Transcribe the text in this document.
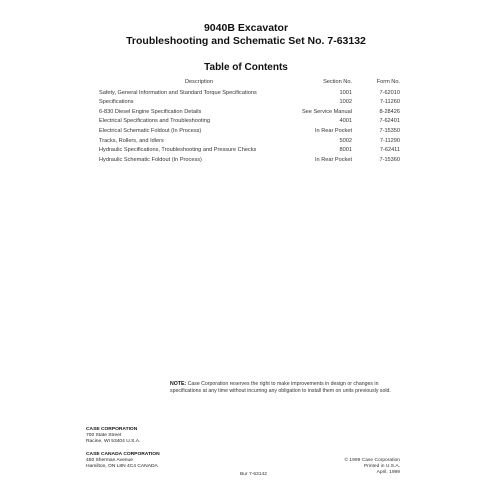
9040B Excavator
Troubleshooting and Schematic Set No. 7-63132
Table of Contents
Description	Section No.	Form No.
Safety, General Information and Standard Torque Specifications	1001	7-62010
Specifications	1002	7-11260
6-830 Diesel Engine Specification Details	See Service Manual	8-28426
Electrical Specifications and Troubleshooting	4001	7-62401
Electrical Schematic Foldout (In Process)	In Rear Pocket	7-15350
Tracks, Rollers, and Idlers	5002	7-11290
Hydraulic Specifications, Troubleshooting and Pressure Checks	8001	7-62411
Hydraulic Schematic Foldout (In Process)	In Rear Pocket	7-15360
NOTE: Case Corporation reserves the right to make improvements in design or changes in specifications at any time without incurring any obligation to install them on units previously sold.
CASE CORPORATION
700 State Street
Racine, WI 53404 U.S.A.
CASE CANADA CORPORATION
450 Sherman Avenue
Hamilton, ON L8N 4C4 CANADA
Bur 7-63142
© 1999 Case Corporation
Printed in U.S.A.
April, 1999
